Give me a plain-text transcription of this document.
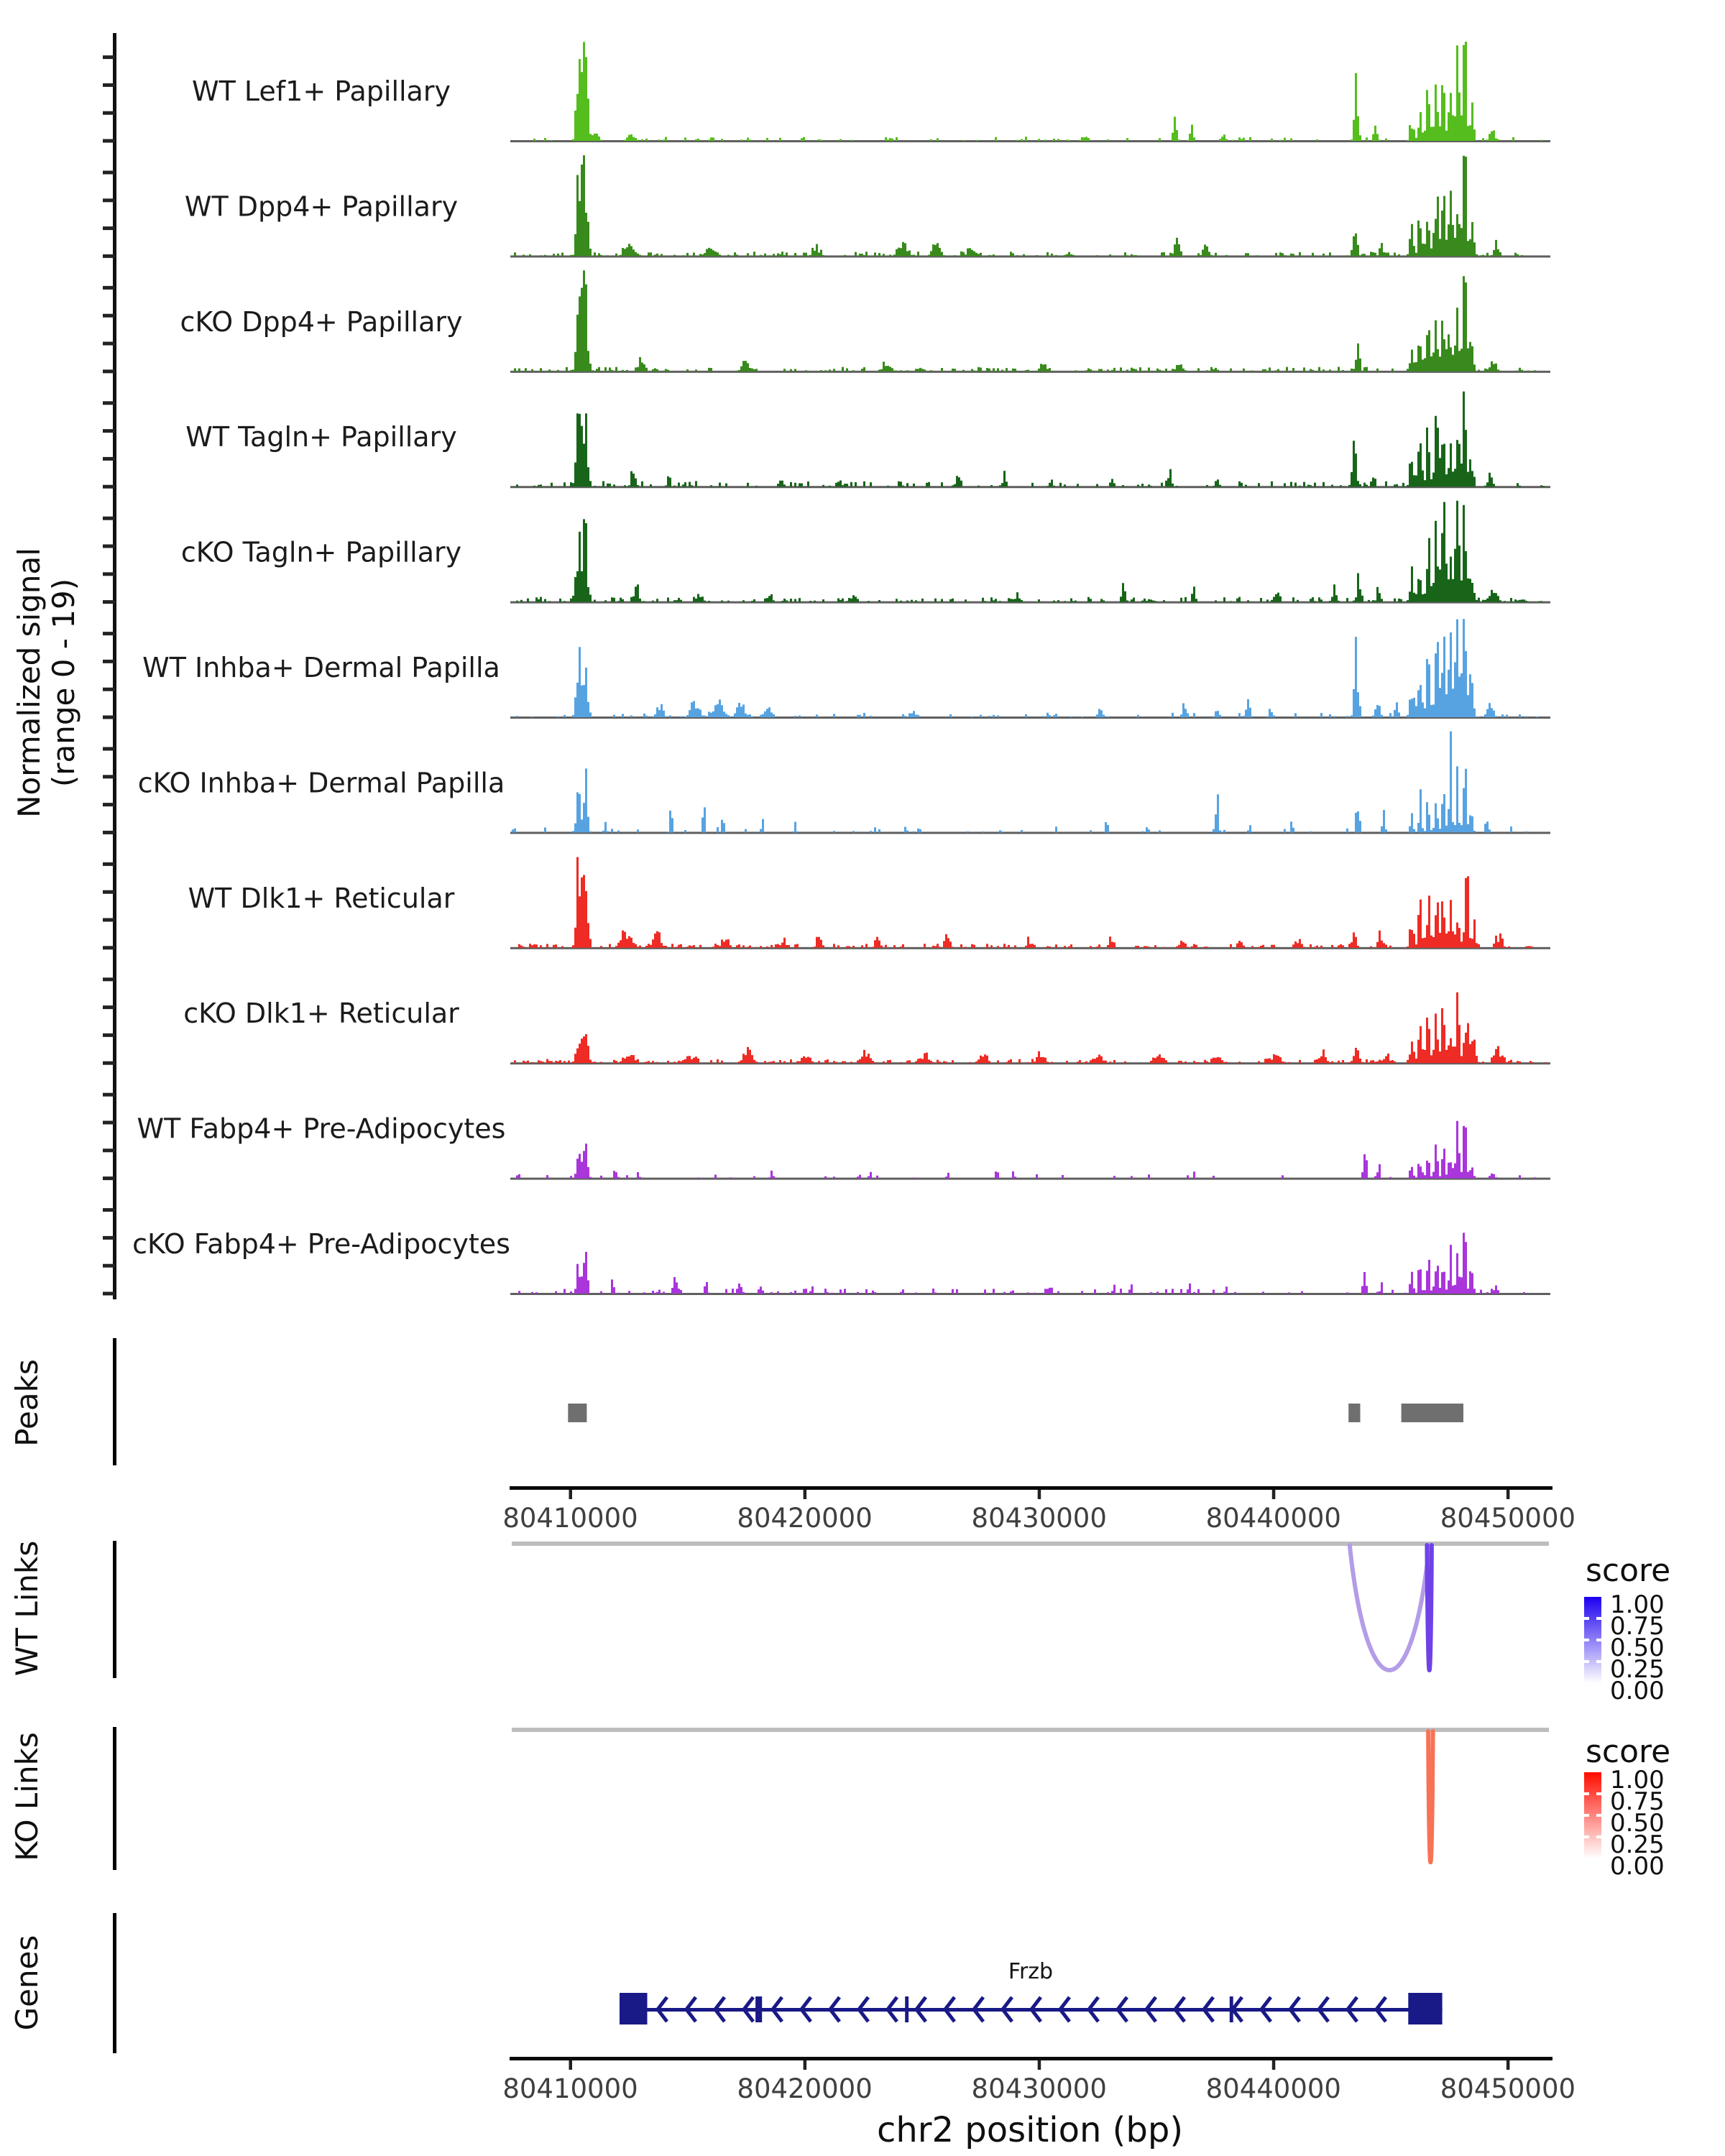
WT Lef1+ Papillary
WT Dpp4+ Papillary
cKO Dpp4+ Papillary
WT Tagln+ Papillary
cKO Tagln+ Papillary
WT Inhba+ Dermal Papilla
cKO Inhba+ Dermal Papilla
WT Dlk1+ Reticular
cKO Dlk1+ Reticular
WT Fabp4+ Pre-Adipocytes
cKO Fabp4+ Pre-Adipocytes
Normalized signal (range 0 - 19)
Peaks
80410000	80420000	80430000	80440000	80450000
1.00
0.75
0.50
0.25
0.00
WT Links	score
1.00
0.75
0.50
0.25
0.00
KO Links	score
Genes	Frzb
80410000	80420000	80430000	80440000	80450000
chr2 position (bp)
